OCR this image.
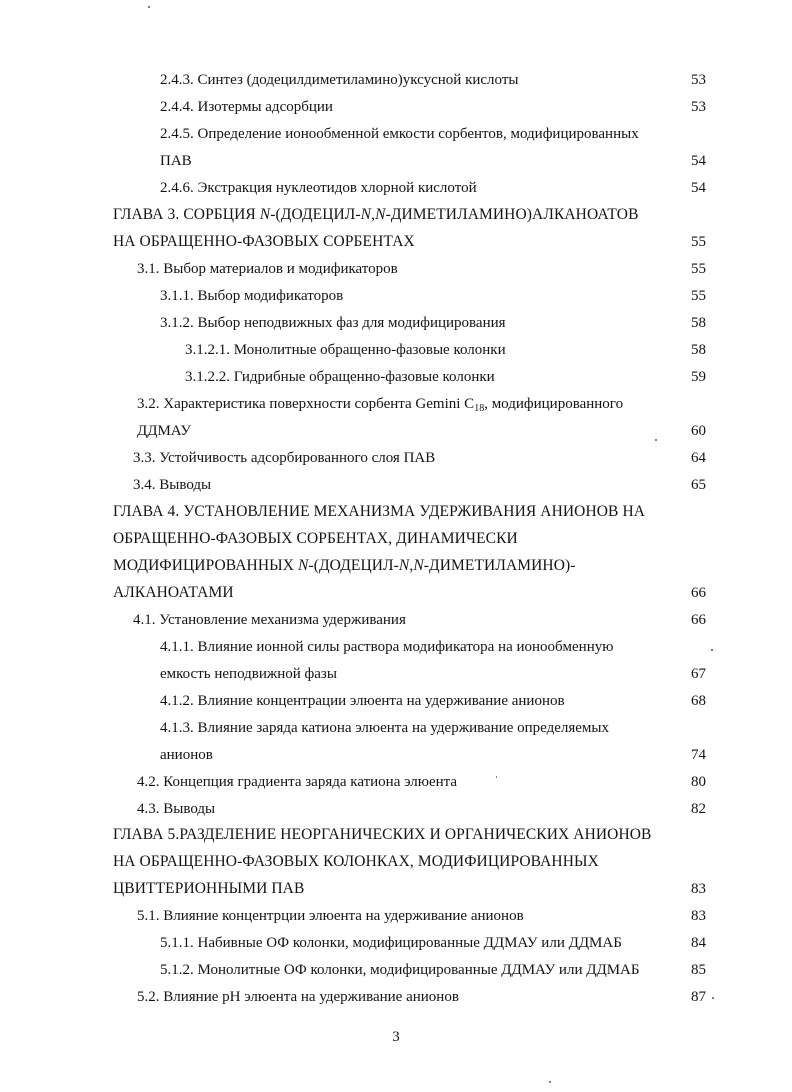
2.4.3. Синтез (додецилдиметиламино)уксусной кислоты	53
2.4.4. Изотермы адсорбции	53
2.4.5. Определение ионообменной емкости сорбентов, модифицированных
ПАВ	54
2.4.6. Экстракция нуклеотидов хлорной кислотой	54
ГЛАВА 3. СОРБЦИЯ N-(ДОДЕЦИЛ-N,N-ДИМЕТИЛАМИНО)АЛКАНОАТОВ
НА ОБРАЩЕННО-ФАЗОВЫХ СОРБЕНТАХ	55
3.1. Выбор материалов и модификаторов	55
3.1.1. Выбор модификаторов	55
3.1.2. Выбор неподвижных фаз для модифицирования	58
3.1.2.1. Монолитные обращенно-фазовые колонки	58
3.1.2.2. Гидрибные обращенно-фазовые колонки	59
3.2. Характеристика поверхности сорбента Gemini $C_{18}$, модифицированного
ДДМАУ	60
3.3. Устойчивость адсорбированного слоя ПАВ	64
3.4. Выводы	65
ГЛАВА 4. УСТАНОВЛЕНИЕ МЕХАНИЗМА УДЕРЖИВАНИЯ АНИОНОВ НА
ОБРАЩЕННО-ФАЗОВЫХ СОРБЕНТАХ, ДИНАМИЧЕСКИ
МОДИФИЦИРОВАННЫХ N-(ДОДЕЦИЛ-N,N-ДИМЕТИЛАМИНО)-
АЛКАНОАТАМИ	66
4.1. Установление механизма удерживания	66
4.1.1. Влияние ионной силы раствора модификатора на ионообменную
емкость неподвижной фазы	67
4.1.2. Влияние концентрации элюента на удерживание анионов	68
4.1.3. Влияние заряда катиона элюента на удерживание определяемых
анионов	74
4.2. Концепция градиента заряда катиона элюента	80
4.3. Выводы	82
ГЛАВА 5.РАЗДЕЛЕНИЕ НЕОРГАНИЧЕСКИХ И ОРГАНИЧЕСКИХ АНИОНОВ
НА ОБРАЩЕННО-ФАЗОВЫХ КОЛОНКАХ, МОДИФИЦИРОВАННЫХ
ЦВИТТЕРИОННЫМИ ПАВ	83
5.1. Влияние концентрции элюента на удерживание анионов	83
5.1.1. Набивные ОФ колонки, модифицированные ДДМАУ или ДДМАБ	84
5.1.2. Монолитные ОФ колонки, модифицированные ДДМАУ или ДДМАБ	85
5.2. Влияние pH элюента на удерживание анионов	87
3
